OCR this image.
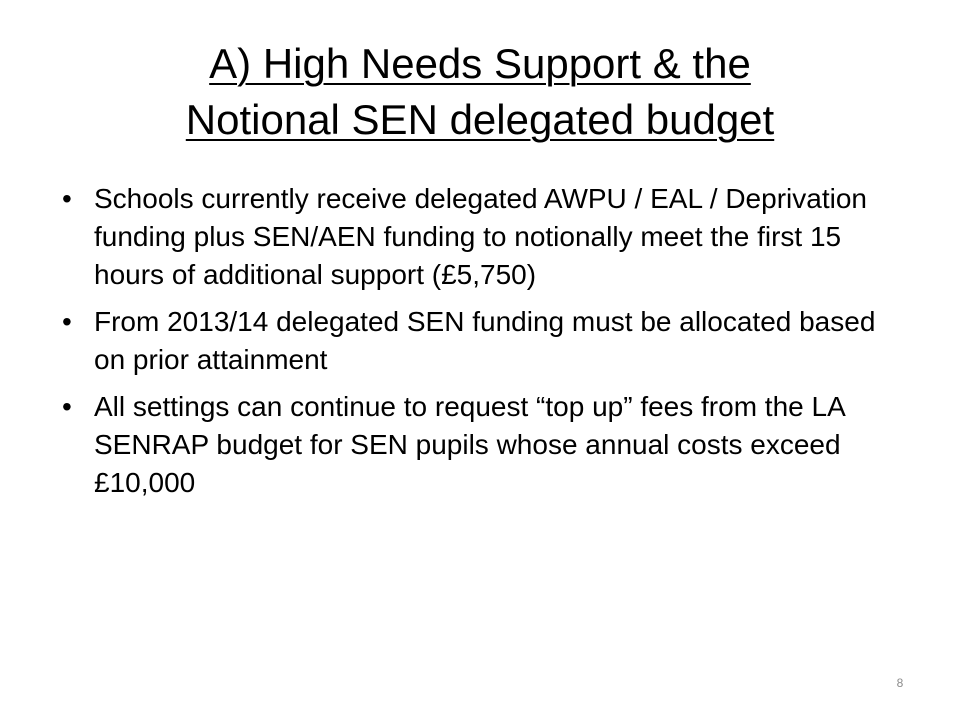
A) High Needs Support & the
Notional SEN delegated budget
• Schools currently receive delegated AWPU / EAL / Deprivation funding plus SEN/AEN funding to notionally meet the first 15 hours of additional support (£5,750)
• From 2013/14 delegated SEN funding must be allocated based on prior attainment
• All settings can continue to request “top up” fees from the LA SENRAP budget for SEN pupils whose annual costs exceed £10,000
8
